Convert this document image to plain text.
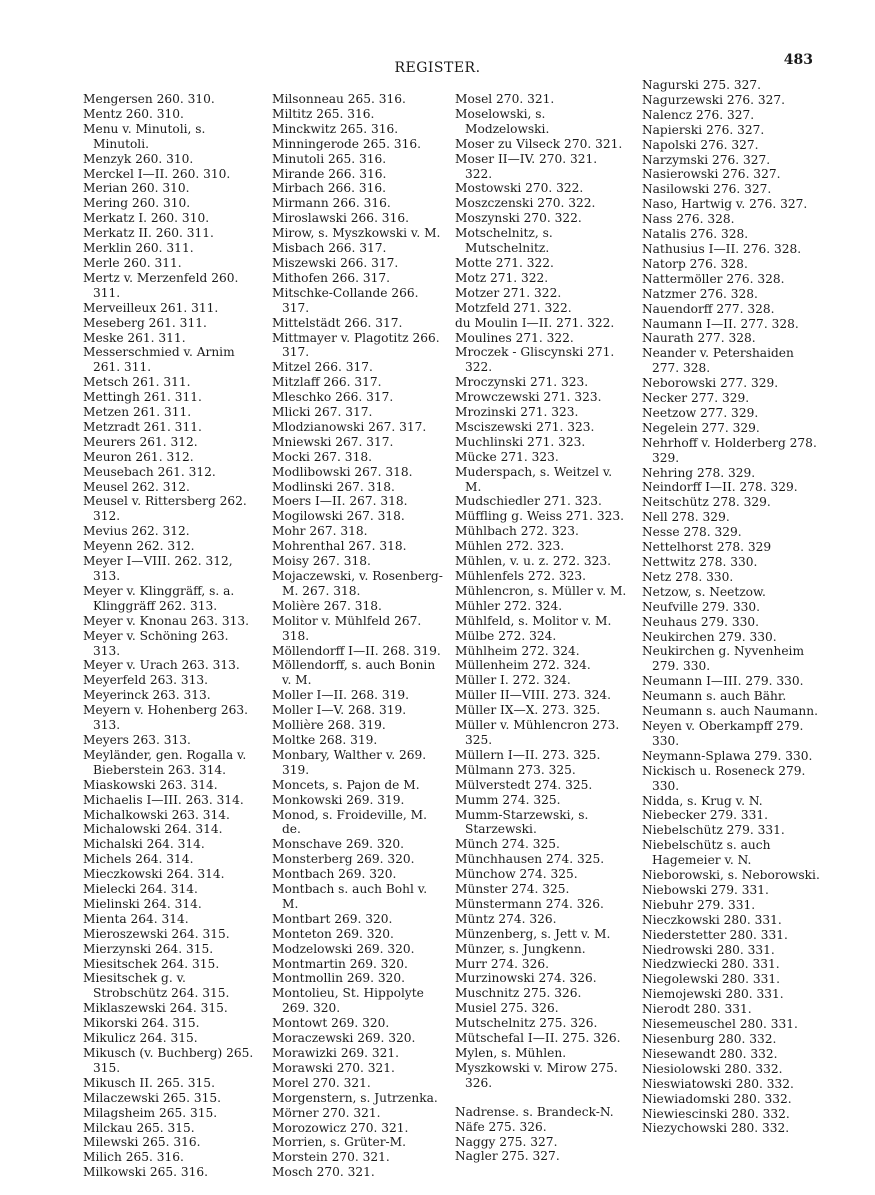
REGISTER.	483

Mengersen 260. 310.

Mentz 260. 310.

Menu v. Minutoli, s. Minutoli.

Menzyk 260. 310.

Merckel I—II. 260. 310.

Merian 260. 310.

Mering 260. 310.

Merkatz I. 260. 310.

Merkatz II. 260. 311.

Merklin 260. 311.

Merle 260. 311.

Mertz v. Merzenfeld 260. 311.

Merveilleux 261. 311.

Meseberg 261. 311.

Meske 261. 311.

Messerschmied v. Arnim 261. 311.

Metsch 261. 311.

Mettingh 261. 311.

Metzen 261. 311.

Metzradt 261. 311.

Meurers 261. 312.

Meuron 261. 312.

Meusebach 261. 312.

Meusel 262. 312.

Meusel v. Rittersberg 262. 312.

Mevius 262. 312.

Meyenn 262. 312.

Meyer I—VIII. 262. 312, 313.

Meyer v. Klinggräff, s. a. Klinggräff 262. 313.

Meyer v. Knonau 263. 313.

Meyer v. Schöning 263. 313.

Meyer v. Urach 263. 313.

Meyerfeld 263. 313.

Meyerinck 263. 313.

Meyern v. Hohenberg 263. 313.

Meyers 263. 313.

Meyländer, gen. Rogalla v. Bieberstein 263. 314.

Miaskowski 263. 314.

Michaelis I—III. 263. 314.

Michalkowski 263. 314.

Michalowski 264. 314.

Michalski 264. 314.

Michels 264. 314.

Mieczkowski 264. 314.

Mielecki 264. 314.

Mielinski 264. 314.

Mienta 264. 314.

Mieroszewski 264. 315.

Mierzynski 264. 315.

Miesitschek 264. 315.

Miesitschek g. v. Strobschütz 264. 315.

Miklaszewski 264. 315.

Mikorski 264. 315.

Mikulicz 264. 315.

Mikusch (v. Buchberg) 265. 315.

Mikusch II. 265. 315.

Milaczewski 265. 315.

Milagsheim 265. 315.

Milckau 265. 315.

Milewski 265. 316.

Milich 265. 316.

Milkowski 265. 316.

Milsonneau 265. 316.

Miltitz 265. 316.

Minckwitz 265. 316.

Minningerode 265. 316.

Minutoli 265. 316.

Mirande 266. 316.

Mirbach 266. 316.

Mirmann 266. 316.

Miroslawski 266. 316.

Mirow, s. Myszkowski v. M.

Misbach 266. 317.

Miszewski 266. 317.

Mithofen 266. 317.

Mitschke-Collande 266. 317.

Mittelstädt 266. 317.

Mittmayer v. Plagotitz 266. 317.

Mitzel 266. 317.

Mitzlaff 266. 317.

Mleschko 266. 317.

Mlicki 267. 317.

Mlodzianowski 267. 317.

Mniewski 267. 317.

Mocki 267. 318.

Modlibowski 267. 318.

Modlinski 267. 318.

Moers I—II. 267. 318.

Mogilowski 267. 318.

Mohr 267. 318.

Mohrenthal 267. 318.

Moisy 267. 318.

Mojaczewski, v. Rosenberg-M. 267. 318.

Molière 267. 318.

Molitor v. Mühlfeld 267. 318.

Möllendorff I—II. 268. 319.

Möllendorff, s. auch Bonin v. M.

Moller I—II. 268. 319.

Moller I—V. 268. 319.

Mollière 268. 319.

Moltke 268. 319.

Monbary, Walther v. 269. 319.

Moncets, s. Pajon de M.

Monkowski 269. 319.

Monod, s. Froideville, M. de.

Monschave 269. 320.

Monsterberg 269. 320.

Montbach 269. 320.

Montbach s. auch Bohl v. M.

Montbart 269. 320.

Monteton 269. 320.

Modzelowski 269. 320.

Montmartin 269. 320.

Montmollin 269. 320.

Montolieu, St. Hippolyte 269. 320.

Montowt 269. 320.

Moraczewski 269. 320.

Morawizki 269. 321.

Morawski 270. 321.

Morel 270. 321.

Morgenstern, s. Jutrzenka.

Mörner 270. 321.

Morozowicz 270. 321.

Morrien, s. Grüter-M.

Morstein 270. 321.

Mosch 270. 321.

Mosel 270. 321.

Moselowski, s. Modzelowski.

Moser zu Vilseck 270. 321.

Moser II—IV. 270. 321. 322.

Mostowski 270. 322.

Moszczenski 270. 322.

Moszynski 270. 322.

Motschelnitz, s. Mutschelnitz.

Motte 271. 322.

Motz 271. 322.

Motzer 271. 322.

Motzfeld 271. 322.

du Moulin I—II. 271. 322.

Moulines 271. 322.

Mroczek - Gliscynski 271. 322.

Mroczynski 271. 323.

Mrowczewski 271. 323.

Mrozinski 271. 323.

Msciszewski 271. 323.

Muchlinski 271. 323.

Mücke 271. 323.

Muderspach, s. Weitzel v. M.

Mudschiedler 271. 323.

Müffling g. Weiss 271. 323.

Mühlbach 272. 323.

Mühlen 272. 323.

Mühlen, v. u. z. 272. 323.

Mühlenfels 272. 323.

Mühlencron, s. Müller v. M.

Mühler 272. 324.

Mühlfeld, s. Molitor v. M.

Mülbe 272. 324.

Mühlheim 272. 324.

Müllenheim 272. 324.

Müller I. 272. 324.

Müller II—VIII. 273. 324.

Müller IX—X. 273. 325.

Müller v. Mühlencron 273. 325.

Müllern I—II. 273. 325.

Mülmann 273. 325.

Mülverstedt 274. 325.

Mumm 274. 325.

Mumm-Starzewski, s. Starzewski.

Münch 274. 325.

Münchhausen 274. 325.

Münchow 274. 325.

Münster 274. 325.

Münstermann 274. 326.

Müntz 274. 326.

Münzenberg, s. Jett v. M.

Münzer, s. Jungkenn.

Murr 274. 326.

Murzinowski 274. 326.

Muschnitz 275. 326.

Musiel 275. 326.

Mutschelnitz 275. 326.

Mütschefal I—II. 275. 326.

Mylen, s. Mühlen.

Myszkowski v. Mirow 275. 326.

Nadrense. s. Brandeck-N.

Näfe 275. 326.

Naggy 275. 327.

Nagler 275. 327.

Nagurski 275. 327.

Nagurzewski 276. 327.

Nalencz 276. 327.

Napierski 276. 327.

Napolski 276. 327.

Narzymski 276. 327.

Nasierowski 276. 327.

Nasilowski 276. 327.

Naso, Hartwig v. 276. 327.

Nass 276. 328.

Natalis 276. 328.

Nathusius I—II. 276. 328.

Natorp 276. 328.

Nattermöller 276. 328.

Natzmer 276. 328.

Nauendorff 277. 328.

Naumann I—II. 277. 328.

Naurath 277. 328.

Neander v. Petershaiden 277. 328.

Neborowski 277. 329.

Necker 277. 329.

Neetzow 277. 329.

Negelein 277. 329.

Nehrhoff v. Holderberg 278. 329.

Nehring 278. 329.

Neindorff I—II. 278. 329.

Neitschütz 278. 329.

Nell 278. 329.

Nesse 278. 329.

Nettelhorst 278. 329

Nettwitz 278. 330.

Netz 278. 330.

Netzow, s. Neetzow.

Neufville 279. 330.

Neuhaus 279. 330.

Neukirchen 279. 330.

Neukirchen g. Nyvenheim 279. 330.

Neumann I—III. 279. 330.

Neumann s. auch Bähr.

Neumann s. auch Naumann.

Neyen v. Oberkampff 279. 330.

Neymann-Splawa 279. 330.

Nickisch u. Roseneck 279. 330.

Nidda, s. Krug v. N.

Niebecker 279. 331.

Niebelschütz 279. 331.

Niebelschütz s. auch Hagemeier v. N.

Nieborowski, s. Neborowski.

Niebowski 279. 331.

Niebuhr 279. 331.

Nieczkowski 280. 331.

Niederstetter 280. 331.

Niedrowski 280. 331.

Niedzwiecki 280. 331.

Niegolewski 280. 331.

Niemojewski 280. 331.

Nierodt 280. 331.

Niesemeuschel 280. 331.

Niesenburg 280. 332.

Niesewandt 280. 332.

Niesiolowski 280. 332.

Nieswiatowski 280. 332.

Niewiadomski 280. 332.

Niewiescinski 280. 332.

Niezychowski 280. 332.
